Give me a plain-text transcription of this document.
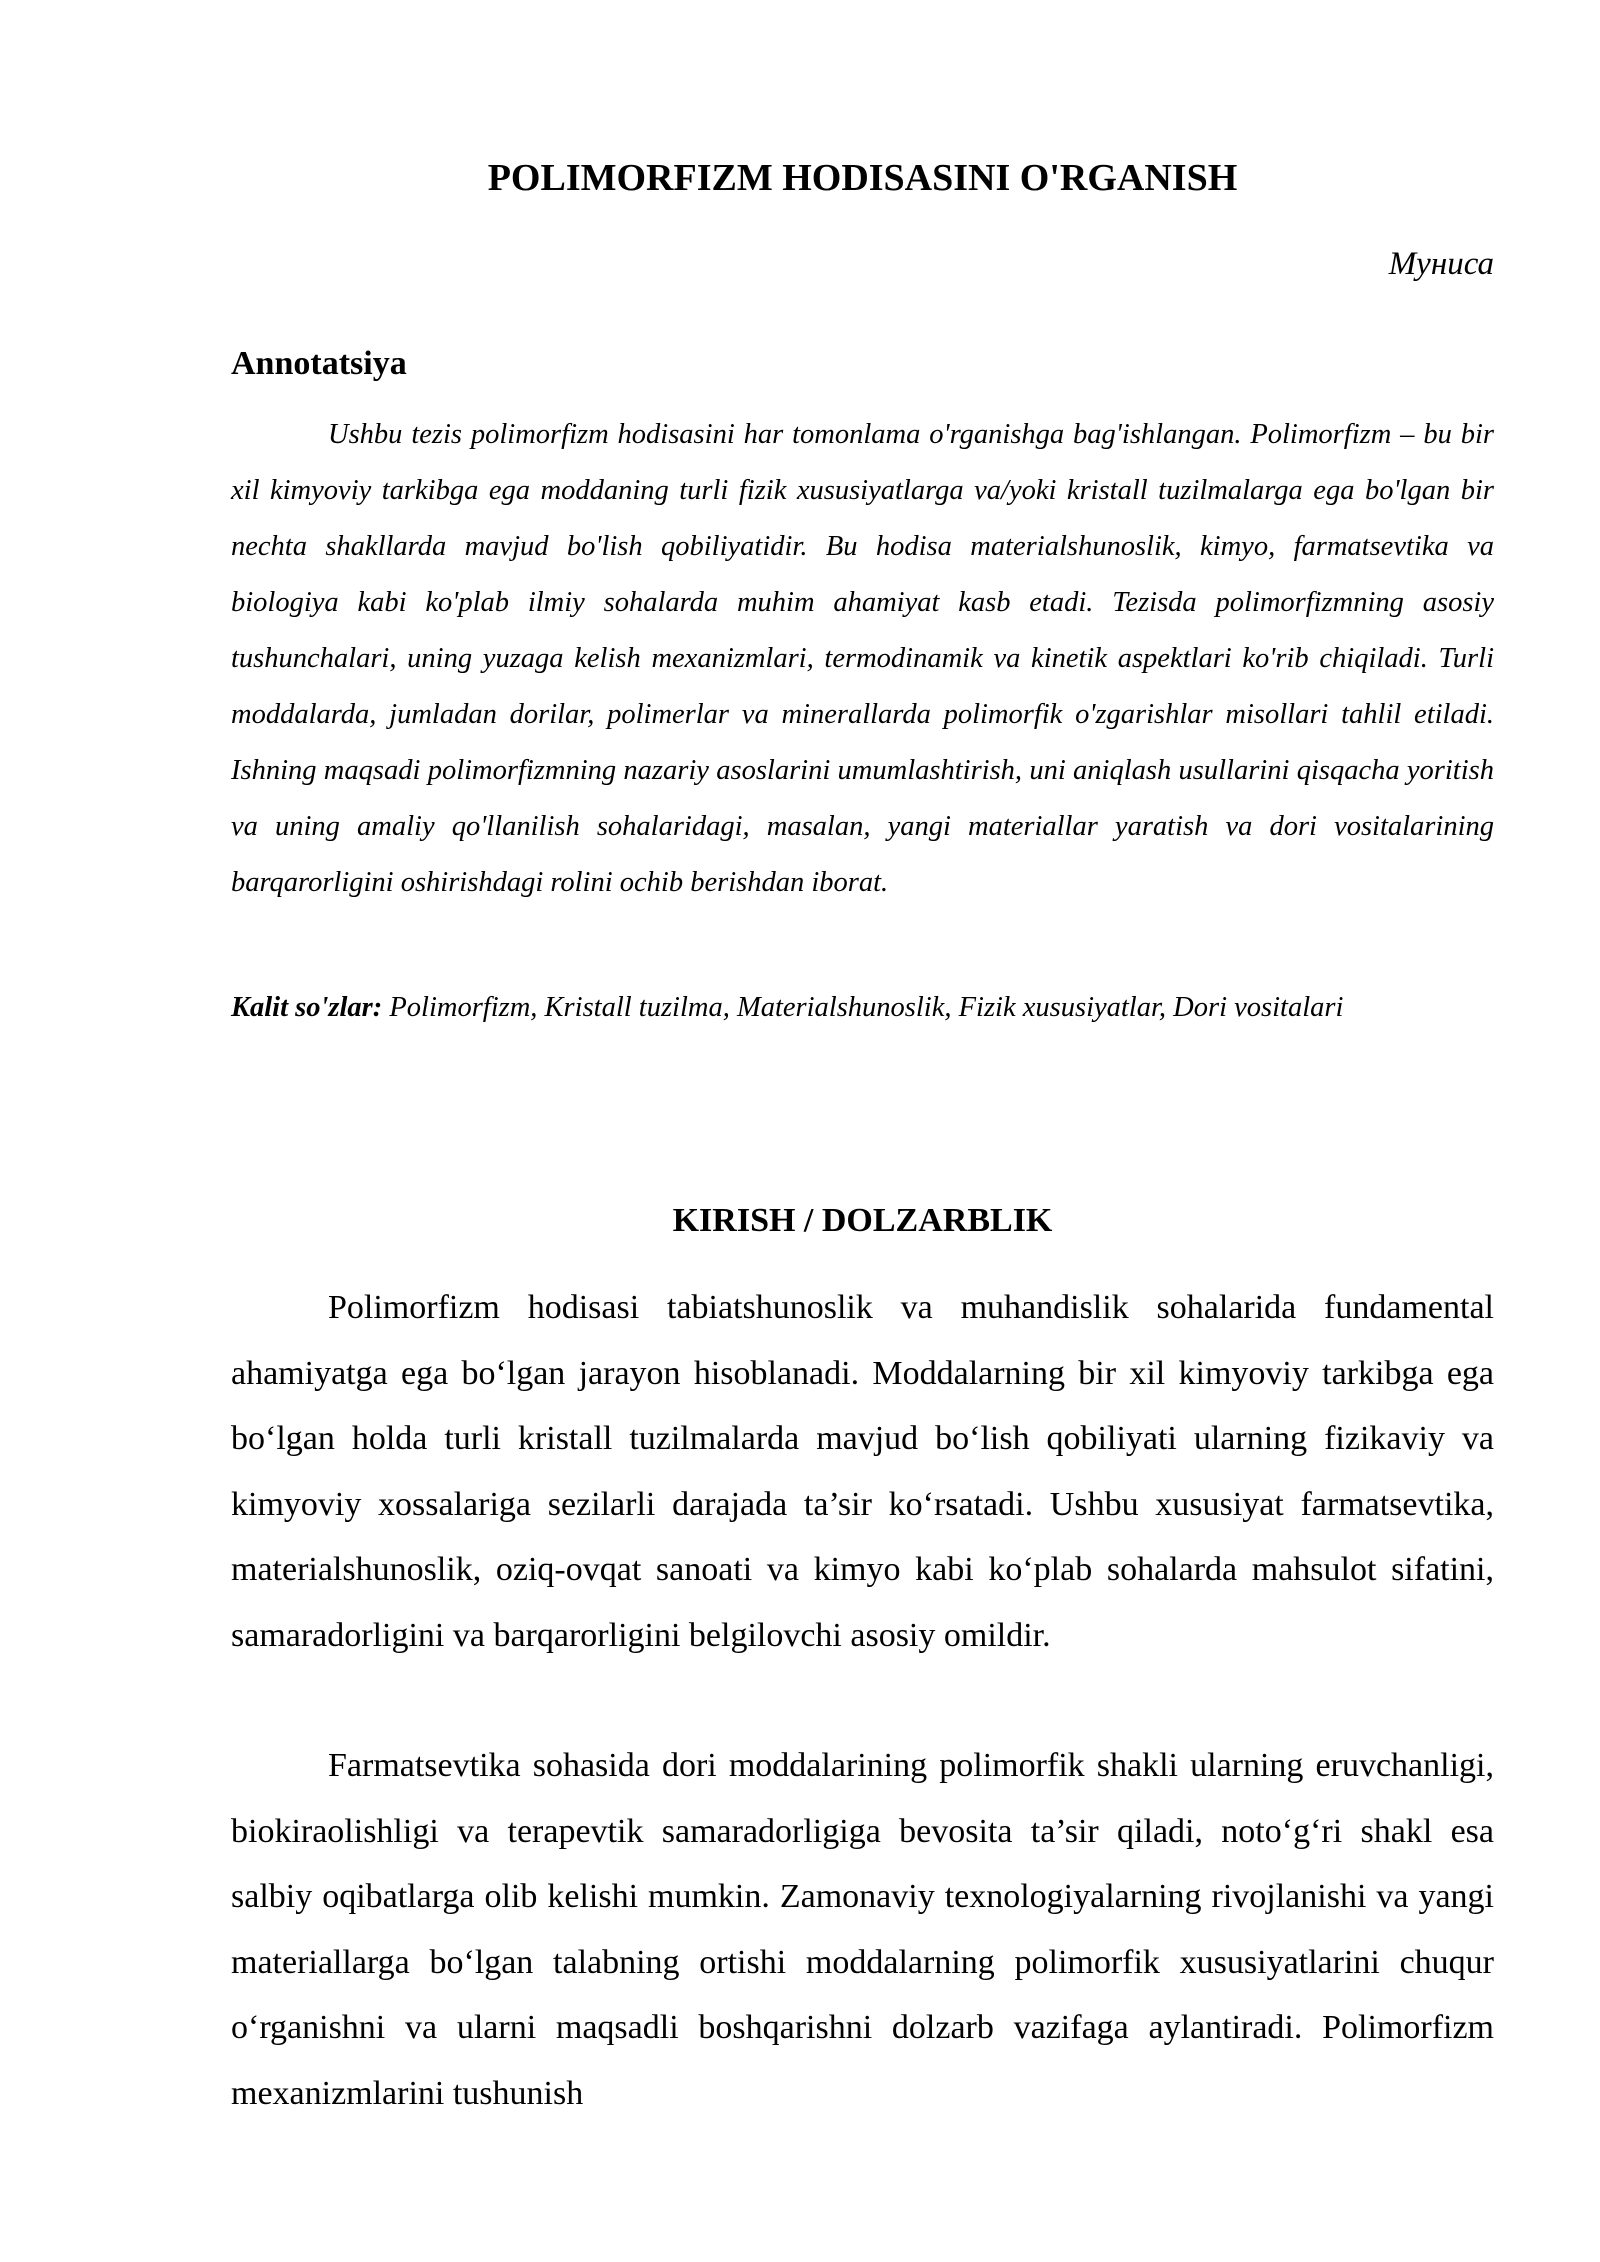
POLIMORFIZM HODISASINI O'RGANISH

Муниса

Annotatsiya

Ushbu tezis polimorfizm hodisasini har tomonlama o'rganishga bag'ishlangan. Polimorfizm – bu bir xil kimyoviy tarkibga ega moddaning turli fizik xususiyatlarga va/yoki kristall tuzilmalarga ega bo'lgan bir nechta shakllarda mavjud bo'lish qobiliyatidir. Bu hodisa materialshunoslik, kimyo, farmatsevtika va biologiya kabi ko'plab ilmiy sohalarda muhim ahamiyat kasb etadi. Tezisda polimorfizmning asosiy tushunchalari, uning yuzaga kelish mexanizmlari, termodinamik va kinetik aspektlari ko'rib chiqiladi. Turli moddalarda, jumladan dorilar, polimerlar va minerallarda polimorfik o'zgarishlar misollari tahlil etiladi. Ishning maqsadi polimorfizmning nazariy asoslarini umumlashtirish, uni aniqlash usullarini qisqacha yoritish va uning amaliy qo'llanilish sohalaridagi, masalan, yangi materiallar yaratish va dori vositalarining barqarorligini oshirishdagi rolini ochib berishdan iborat.

Kalit so'zlar: Polimorfizm, Kristall tuzilma, Materialshunoslik, Fizik xususiyatlar, Dori vositalari

KIRISH / DOLZARBLIK

Polimorfizm hodisasi tabiatshunoslik va muhandislik sohalarida fundamental ahamiyatga ega bo‘lgan jarayon hisoblanadi. Moddalarning bir xil kimyoviy tarkibga ega bo‘lgan holda turli kristall tuzilmalarda mavjud bo‘lish qobiliyati ularning fizikaviy va kimyoviy xossalariga sezilarli darajada ta’sir ko‘rsatadi. Ushbu xususiyat farmatsevtika, materialshunoslik, oziq-ovqat sanoati va kimyo kabi ko‘plab sohalarda mahsulot sifatini, samaradorligini va barqarorligini belgilovchi asosiy omildir.

Farmatsevtika sohasida dori moddalarining polimorfik shakli ularning eruvchanligi, biokiraolishligi va terapevtik samaradorligiga bevosita ta’sir qiladi, noto‘g‘ri shakl esa salbiy oqibatlarga olib kelishi mumkin. Zamonaviy texnologiyalarning rivojlanishi va yangi materiallarga bo‘lgan talabning ortishi moddalarning polimorfik xususiyatlarini chuqur o‘rganishni va ularni maqsadli boshqarishni dolzarb vazifaga aylantiradi. Polimorfizm mexanizmlarini tushunish
